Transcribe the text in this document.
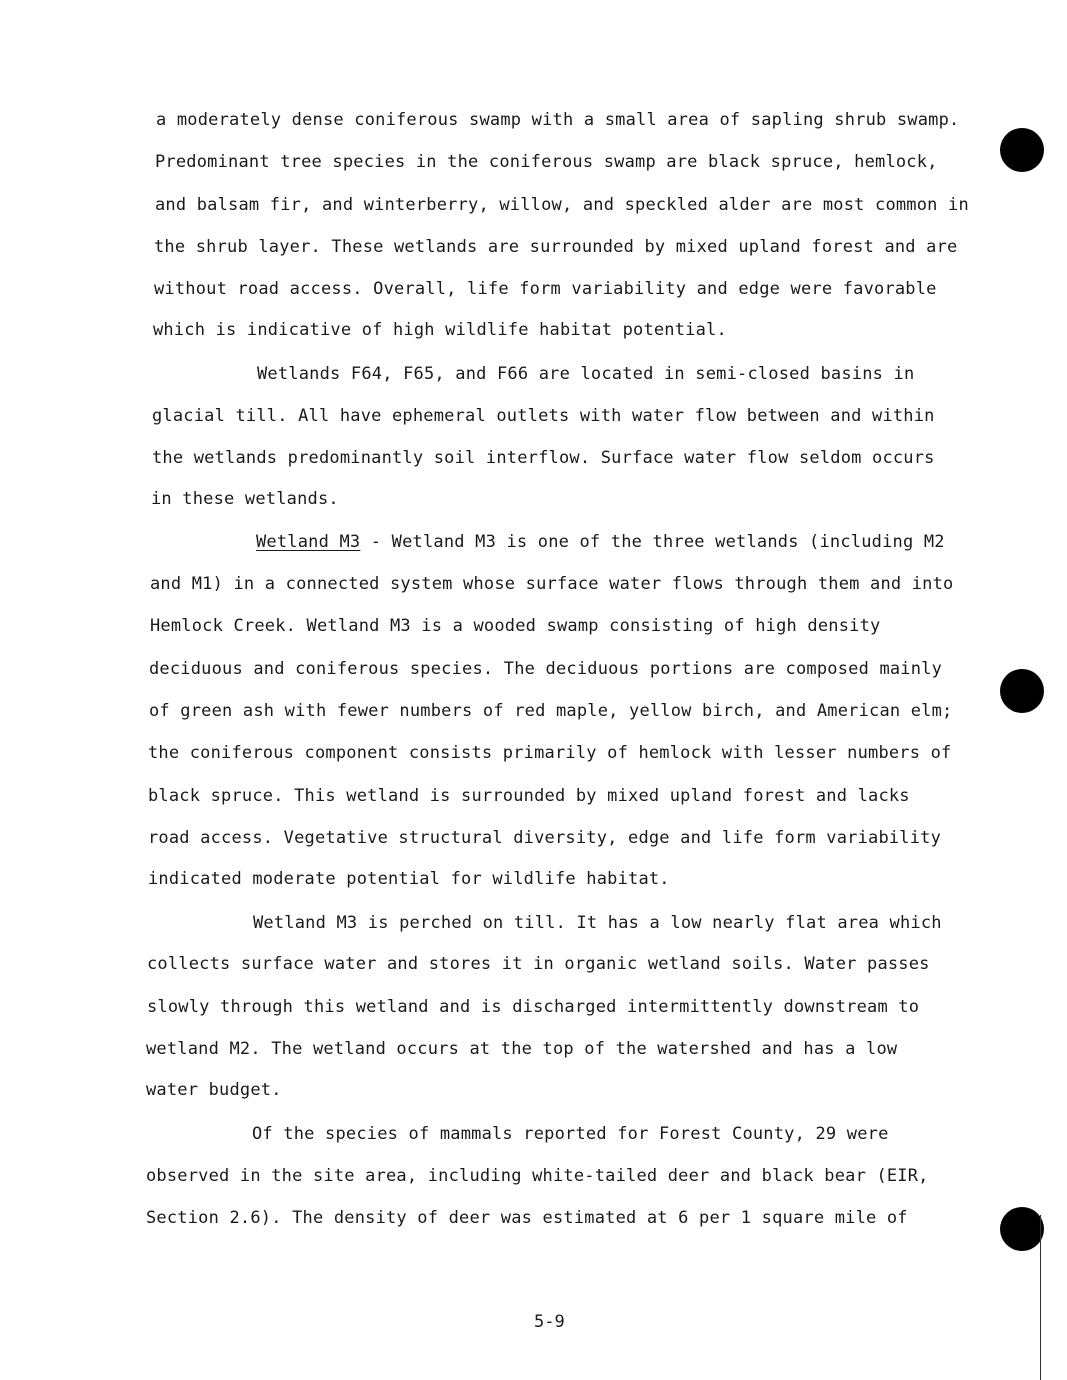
a moderately dense coniferous swamp with a small area of sapling shrub swamp.
Predominant tree species in the coniferous swamp are black spruce, hemlock,
and balsam fir, and winterberry, willow, and speckled alder are most common in
the shrub layer. These wetlands are surrounded by mixed upland forest and are
without road access. Overall, life form variability and edge were favorable
which is indicative of high wildlife habitat potential.
Wetlands F64, F65, and F66 are located in semi-closed basins in
glacial till. All have ephemeral outlets with water flow between and within
the wetlands predominantly soil interflow. Surface water flow seldom occurs
in these wetlands.
Wetland M3 - Wetland M3 is one of the three wetlands (including M2
and M1) in a connected system whose surface water flows through them and into
Hemlock Creek. Wetland M3 is a wooded swamp consisting of high density
deciduous and coniferous species. The deciduous portions are composed mainly
of green ash with fewer numbers of red maple, yellow birch, and American elm;
the coniferous component consists primarily of hemlock with lesser numbers of
black spruce. This wetland is surrounded by mixed upland forest and lacks
road access. Vegetative structural diversity, edge and life form variability
indicated moderate potential for wildlife habitat.
Wetland M3 is perched on till. It has a low nearly flat area which
collects surface water and stores it in organic wetland soils. Water passes
slowly through this wetland and is discharged intermittently downstream to
wetland M2. The wetland occurs at the top of the watershed and has a low
water budget.
Of the species of mammals reported for Forest County, 29 were
observed in the site area, including white-tailed deer and black bear (EIR,
Section 2.6). The density of deer was estimated at 6 per 1 square mile of
5-9
